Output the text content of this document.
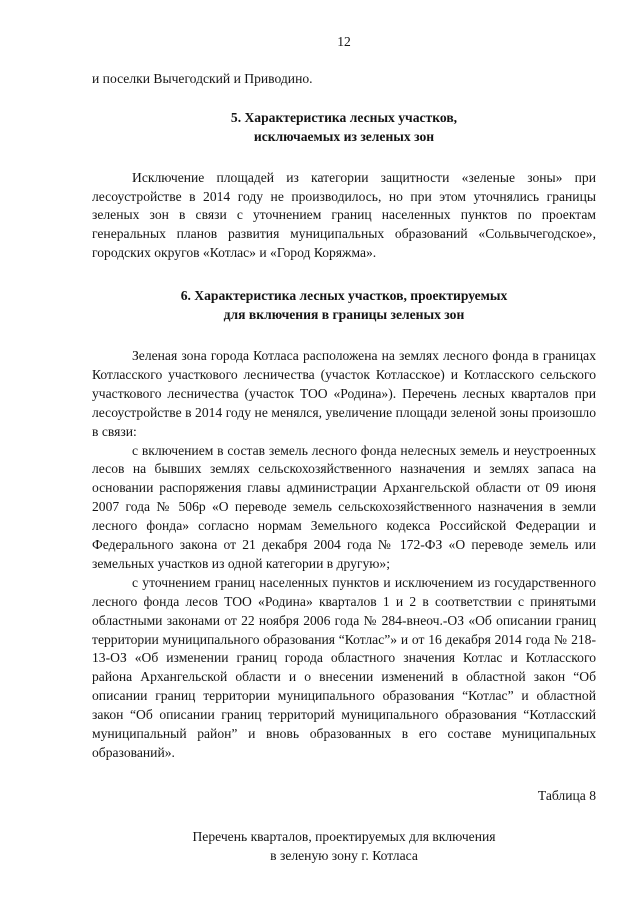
12

и поселки Вычегодский и Приводино.

5. Характеристика лесных участков,
исключаемых из зеленых зон

Исключение площадей из категории защитности «зеленые зоны» при лесоустройстве в 2014 году не производилось, но при этом уточнялись границы зеленых зон в связи с уточнением границ населенных пунктов по проектам генеральных планов развития муниципальных образований «Сольвычегодское», городских округов «Котлас» и «Город Коряжма».

6. Характеристика лесных участков, проектируемых
для включения в границы зеленых зон

Зеленая зона города Котласа расположена на землях лесного фонда в границах Котласского участкового лесничества (участок Котласское) и Котласского сельского участкового лесничества (участок ТОО «Родина»). Перечень лесных кварталов при лесоустройстве в 2014 году не менялся, увеличение площади зеленой зоны произошло в связи:

с включением в состав земель лесного фонда нелесных земель и неустроенных лесов на бывших землях сельскохозяйственного назначения и землях запаса на основании распоряжения главы администрации Архангельской области от 09 июня 2007 года № 506р «О переводе земель сельскохозяйственного назначения в земли лесного фонда» согласно нормам Земельного кодекса Российской Федерации и Федерального закона от 21 декабря 2004 года № 172-ФЗ «О переводе земель или земельных участков из одной категории в другую»;

с уточнением границ населенных пунктов и исключением из государственного лесного фонда лесов ТОО «Родина» кварталов 1 и 2 в соответствии с принятыми областными законами от 22 ноября 2006 года № 284-внеоч.-ОЗ «Об описании границ территории муниципального образования “Котлас”» и от 16 декабря 2014 года № 218-13-ОЗ «Об изменении границ города областного значения Котлас и Котласского района Архангельской области и о внесении изменений в областной закон “Об описании границ территории муниципального образования “Котлас” и областной закон “Об описании границ территорий муниципального образования “Котласский муниципальный район” и вновь образованных в его составе муниципальных образований».

Таблица 8
Перечень кварталов, проектируемых для включения
в зеленую зону г. Котласа
